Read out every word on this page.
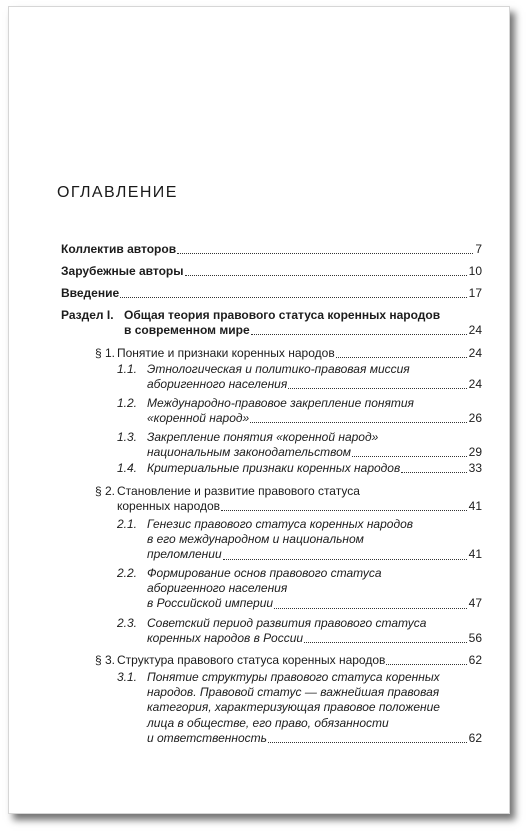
ОГЛАВЛЕНИЕ
Коллектив авторов	7
Зарубежные авторы	10
Введение	17
Раздел I. Общая теория правового статуса коренных народов
в современном мире	24
§ 1. Понятие и признаки коренных народов	24
1.1. Этнологическая и политико-правовая миссия
аборигенного населения	24
1.2. Международно-правовое закрепление понятия
«коренной народ»	26
1.3. Закрепление понятия «коренной народ»
национальным законодательством	29
1.4. Критериальные признаки коренных народов	33
§ 2. Становление и развитие правового статуса
коренных народов	41
2.1. Генезис правового статуса коренных народов
в его международном и национальном
преломлении	41
2.2. Формирование основ правового статуса
аборигенного населения
в Российской империи	47
2.3. Советский период развития правового статуса
коренных народов в России	56
§ 3. Структура правового статуса коренных народов	62
3.1. Понятие структуры правового статуса коренных
народов. Правовой статус — важнейшая правовая
категория, характеризующая правовое положение
лица в обществе, его право, обязанности
и ответственность	62
